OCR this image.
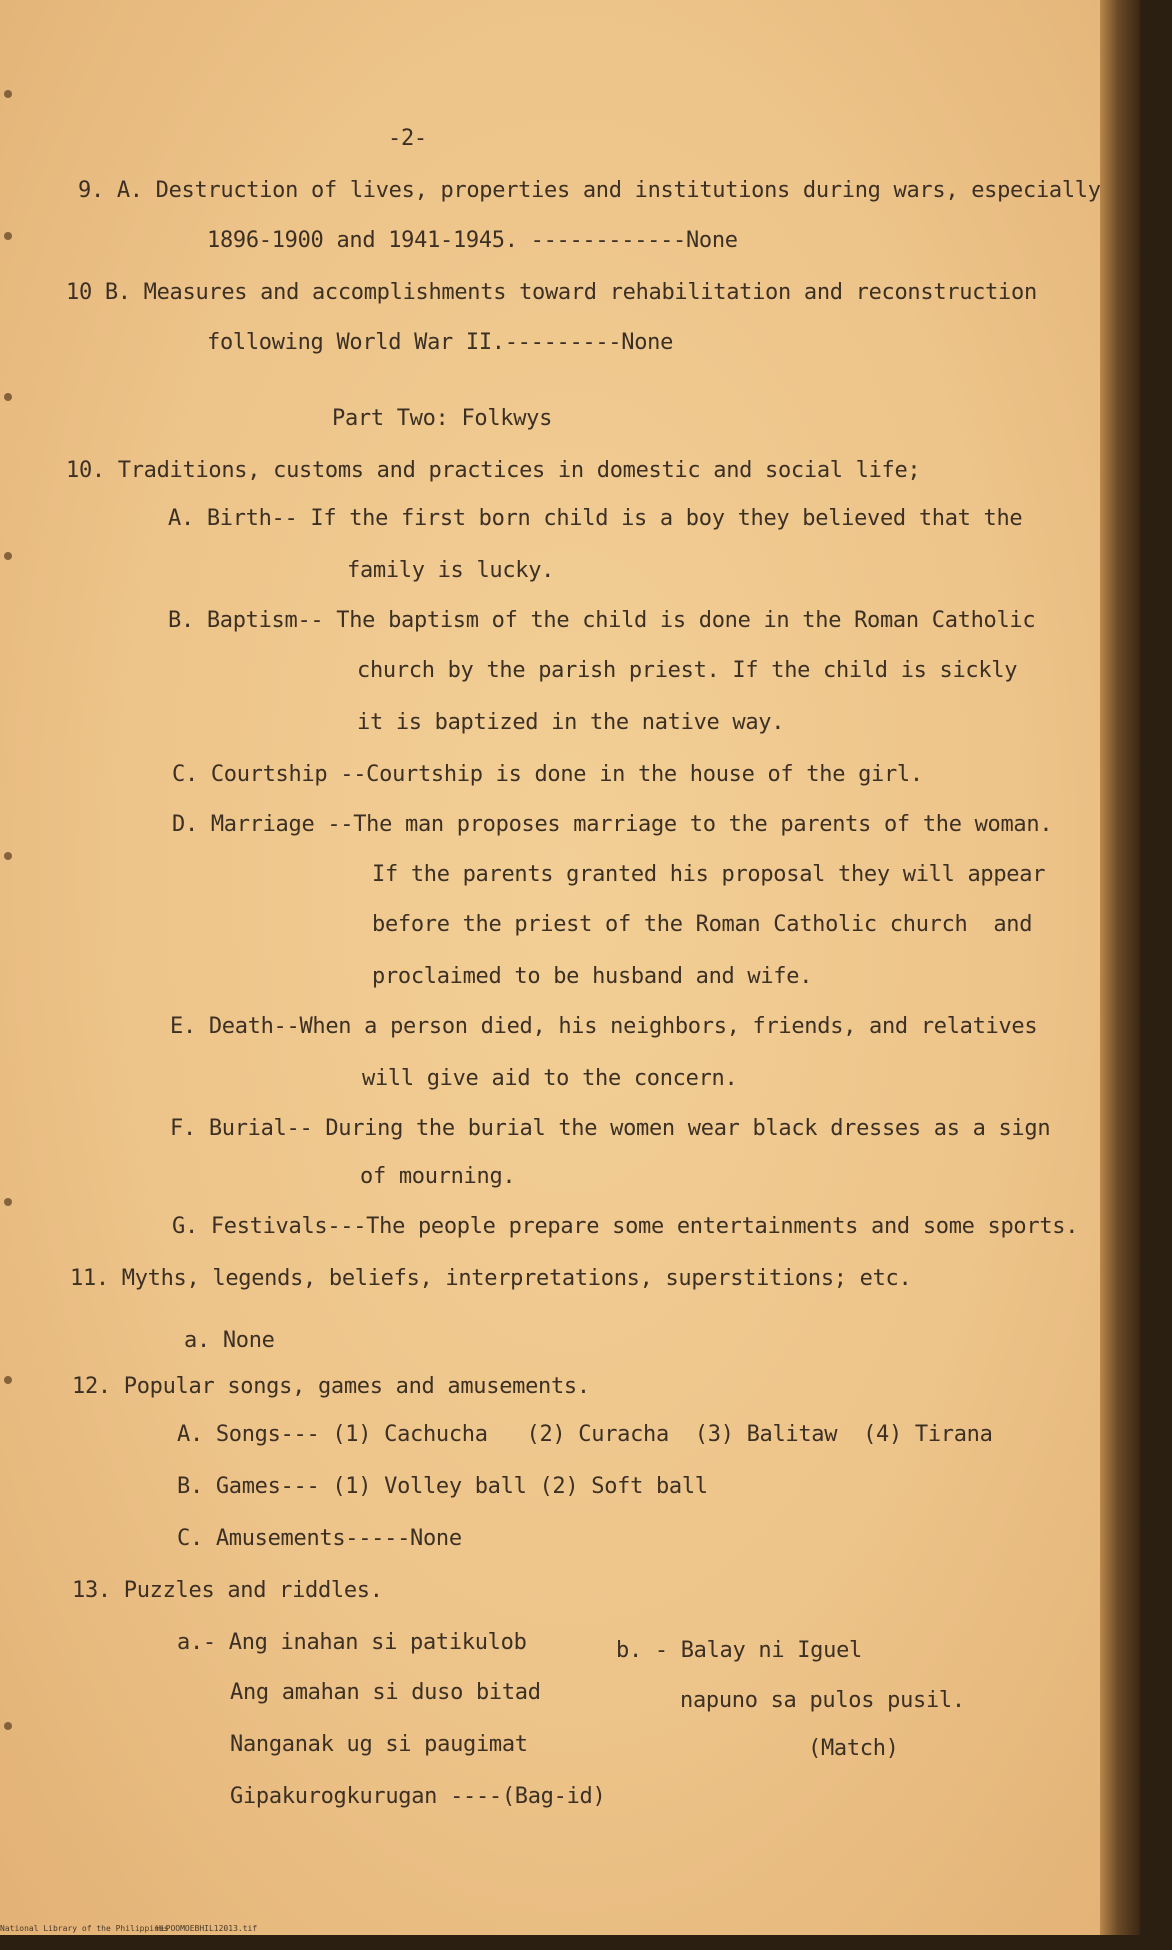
-2-
9. A. Destruction of lives, properties and institutions during wars, especially
1896-1900 and 1941-1945. ------------None
10 B. Measures and accomplishments toward rehabilitation and reconstruction
following World War II.---------None
Part Two: Folkwys
10. Traditions, customs and practices in domestic and social life;
A. Birth-- If the first born child is a boy they believed that the
family is lucky.
B. Baptism-- The baptism of the child is done in the Roman Catholic
church by the parish priest. If the child is sickly
it is baptized in the native way.
C. Courtship --Courtship is done in the house of the girl.
D. Marriage --The man proposes marriage to the parents of the woman.
If the parents granted his proposal they will appear
before the priest of the Roman Catholic church  and
proclaimed to be husband and wife.
E. Death--When a person died, his neighbors, friends, and relatives
will give aid to the concern.
F. Burial-- During the burial the women wear black dresses as a sign
of mourning.
G. Festivals---The people prepare some entertainments and some sports.
11. Myths, legends, beliefs, interpretations, superstitions; etc.
a. None
12. Popular songs, games and amusements.
A. Songs--- (1) Cachucha   (2) Curacha  (3) Balitaw  (4) Tirana
B. Games--- (1) Volley ball (2) Soft ball
C. Amusements-----None
13. Puzzles and riddles.
a.- Ang inahan si patikulob
Ang amahan si duso bitad
Nanganak ug si paugimat
Gipakurogkurugan ----(Bag-id)
b. - Balay ni Iguel
napuno sa pulos pusil.
(Match)
National Library of the Philippines
HLPOOMOEBHIL12013.tif
